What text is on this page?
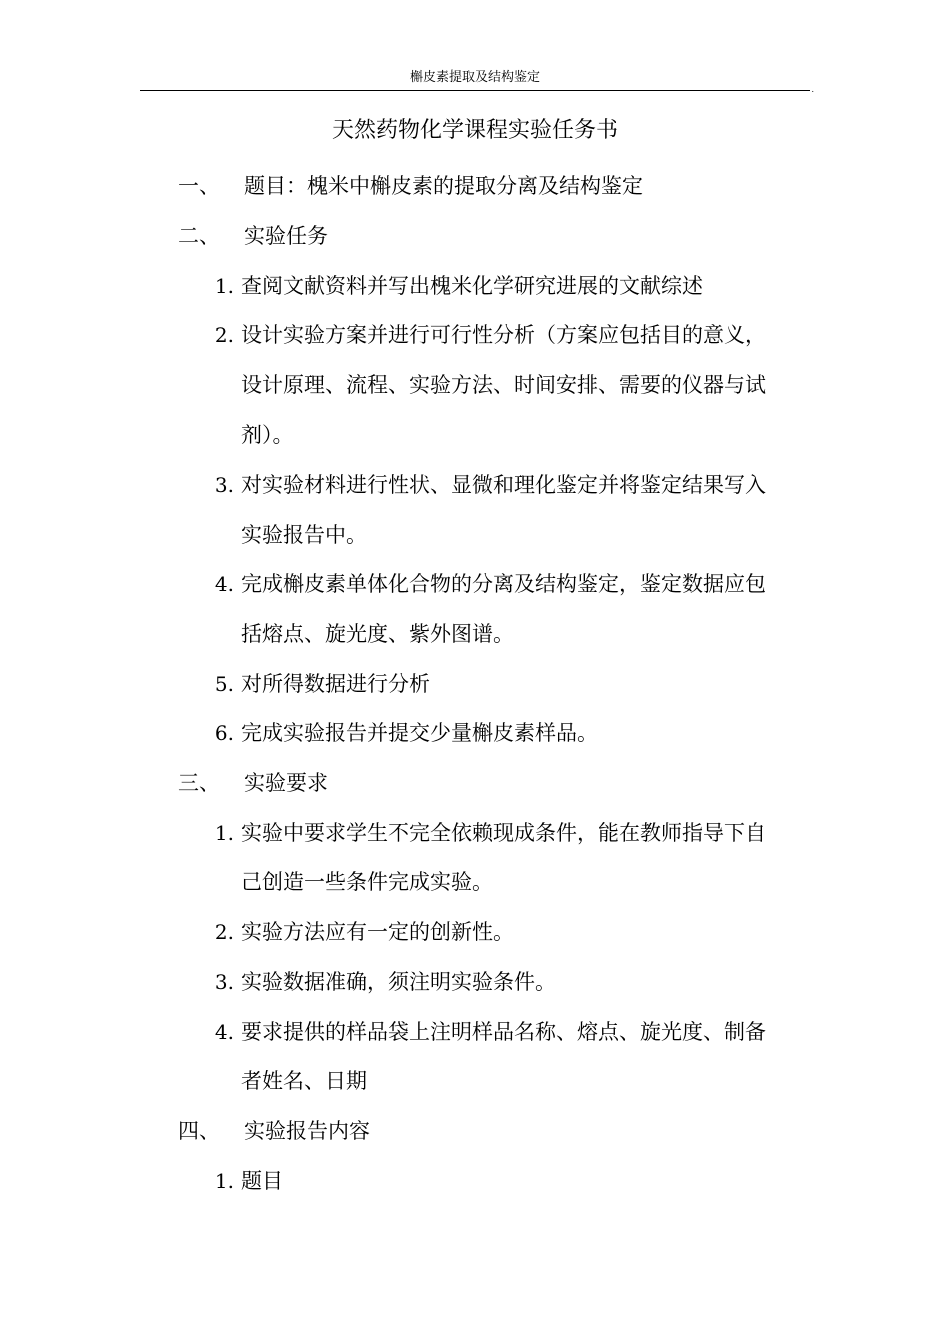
槲皮素提取及结构鉴定
.
天然药物化学课程实验任务书
一、 题目：槐米中槲皮素的提取分离及结构鉴定
二、 实验任务
1. 查阅文献资料并写出槐米化学研究进展的文献综述
2. 设计实验方案并进行可行性分析（方案应包括目的意义，
设计原理、流程、实验方法、时间安排、需要的仪器与试
剂）。
3. 对实验材料进行性状、显微和理化鉴定并将鉴定结果写入
实验报告中。
4. 完成槲皮素单体化合物的分离及结构鉴定，鉴定数据应包
括熔点、旋光度、紫外图谱。
5. 对所得数据进行分析
6. 完成实验报告并提交少量槲皮素样品。
三、 实验要求
1. 实验中要求学生不完全依赖现成条件，能在教师指导下自
己创造一些条件完成实验。
2. 实验方法应有一定的创新性。
3. 实验数据准确，须注明实验条件。
4. 要求提供的样品袋上注明样品名称、熔点、旋光度、制备
者姓名、日期
四、 实验报告内容
1. 题目
